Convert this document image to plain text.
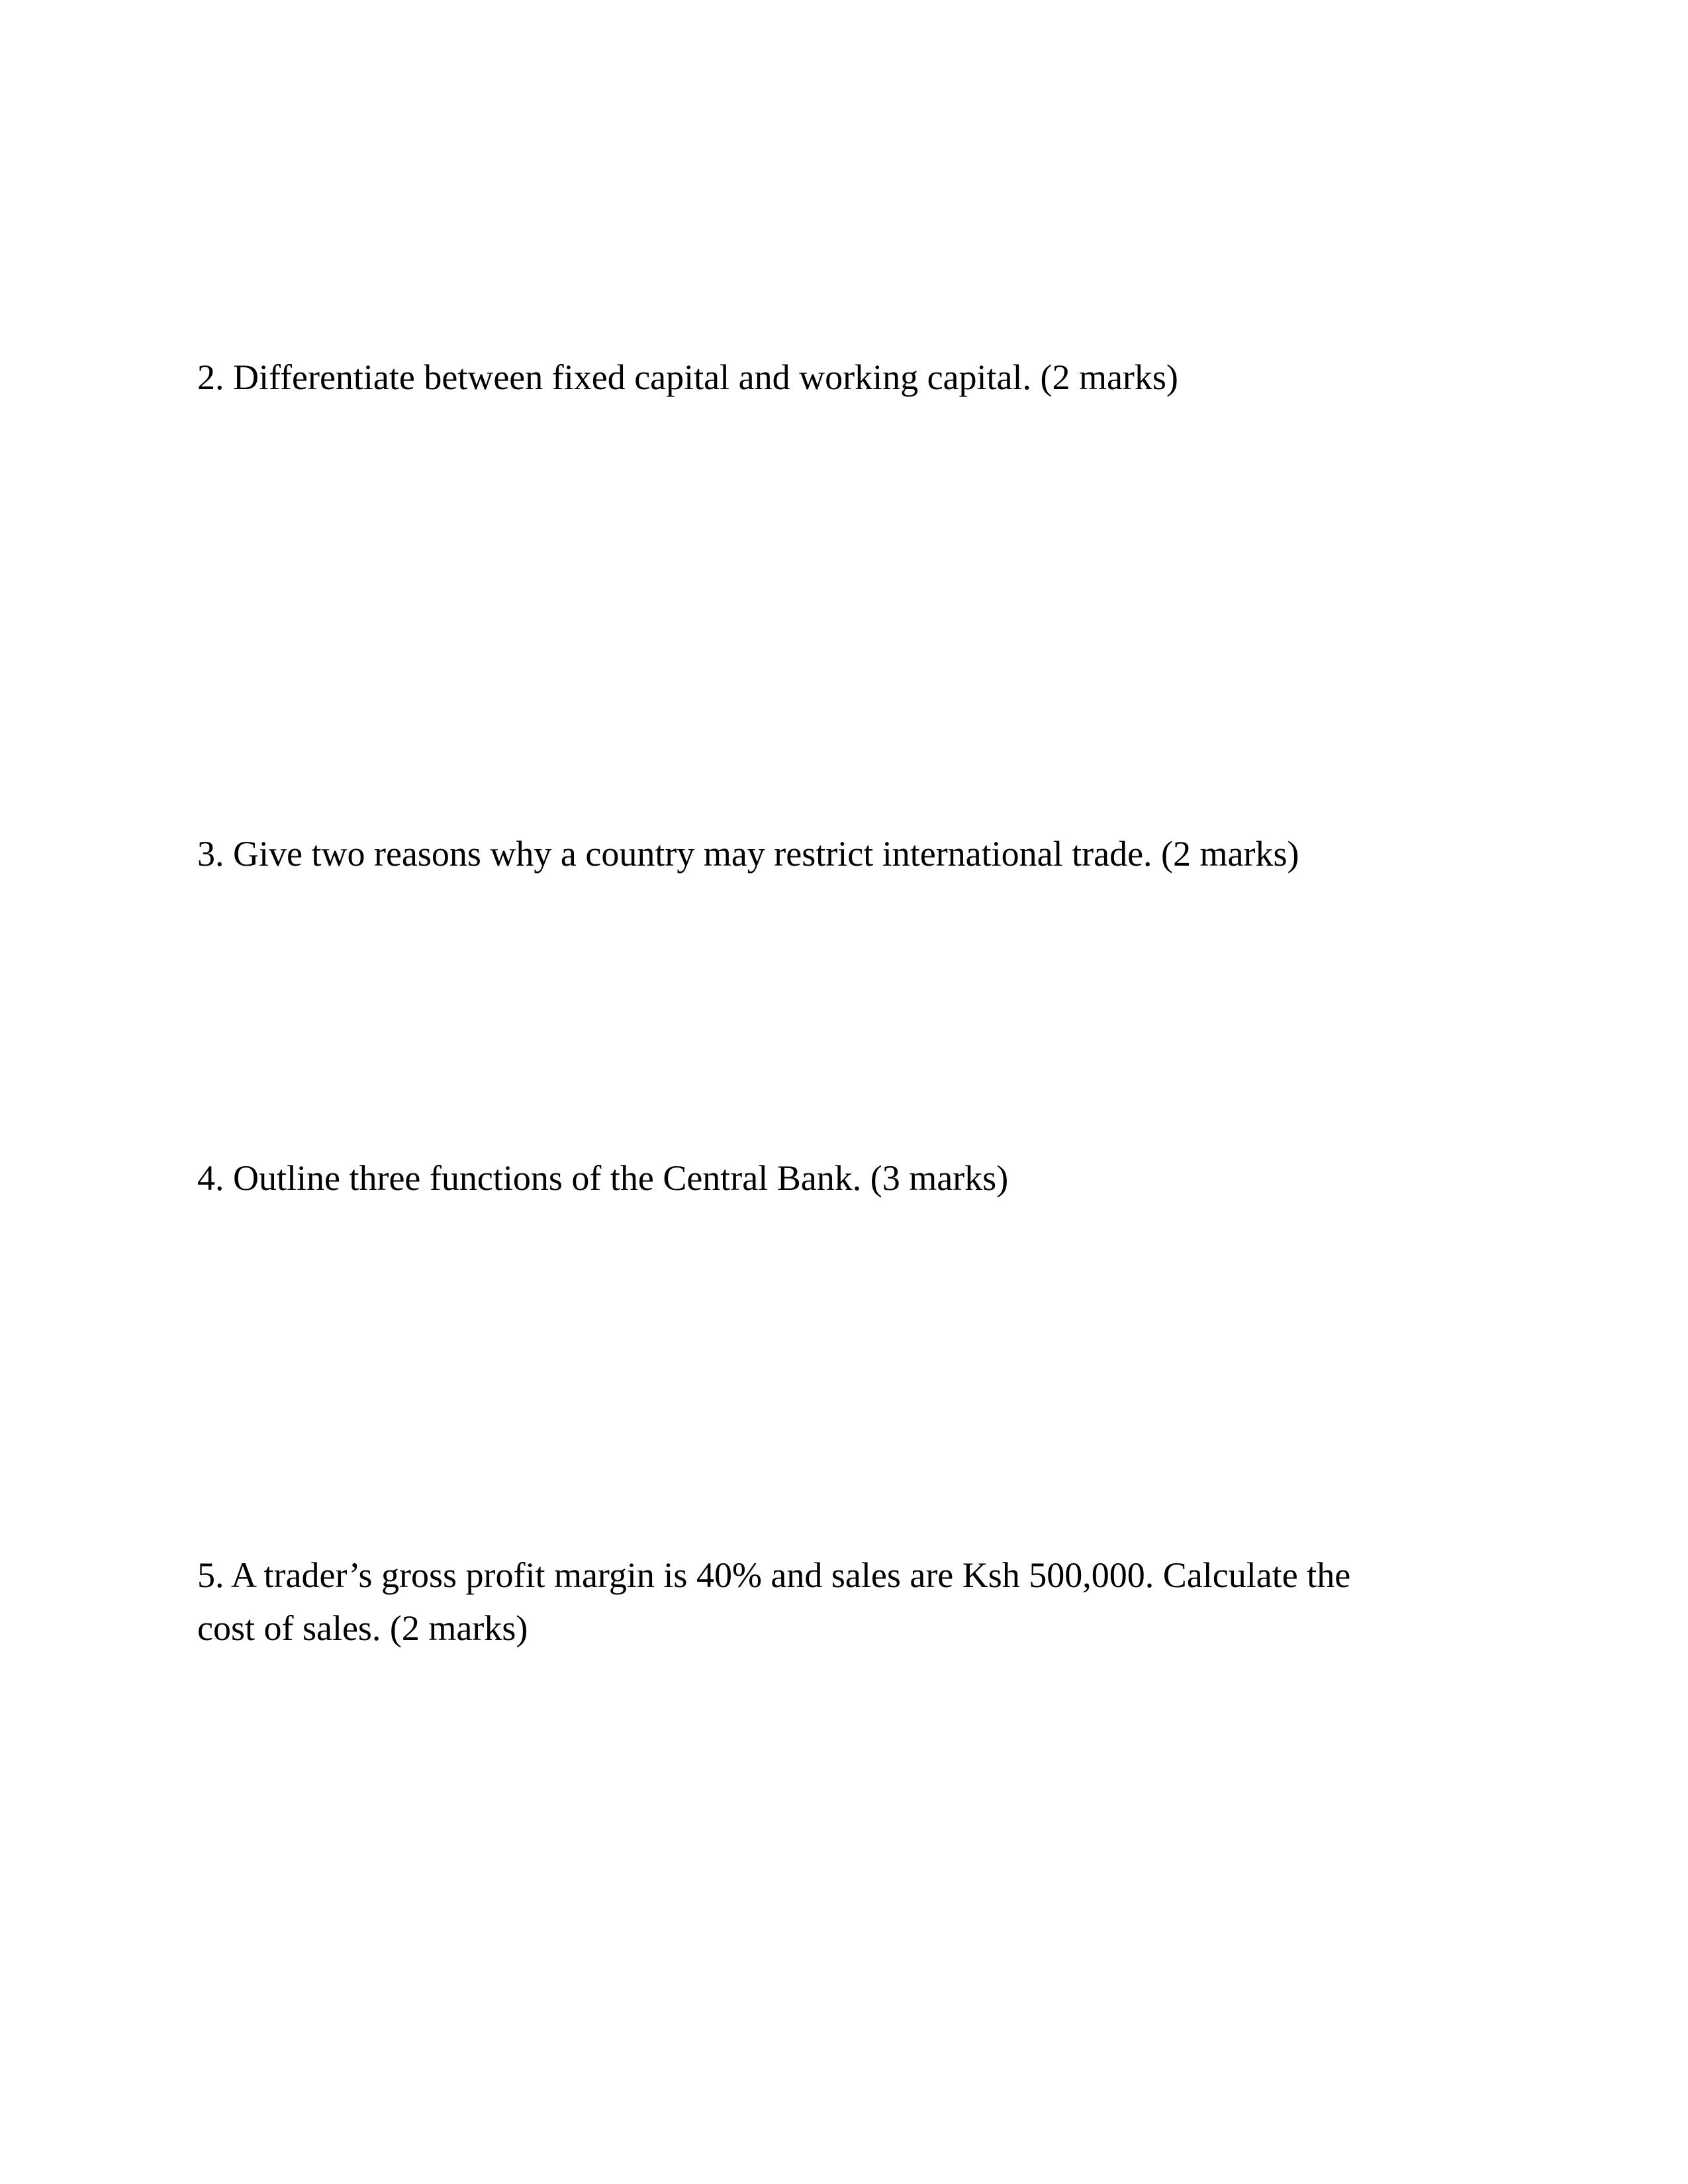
2. Differentiate between fixed capital and working capital. (2 marks)

3. Give two reasons why a country may restrict international trade. (2 marks)

4. Outline three functions of the Central Bank. (3 marks)

5. A trader’s gross profit margin is 40% and sales are Ksh 500,000. Calculate the
cost of sales. (2 marks)
